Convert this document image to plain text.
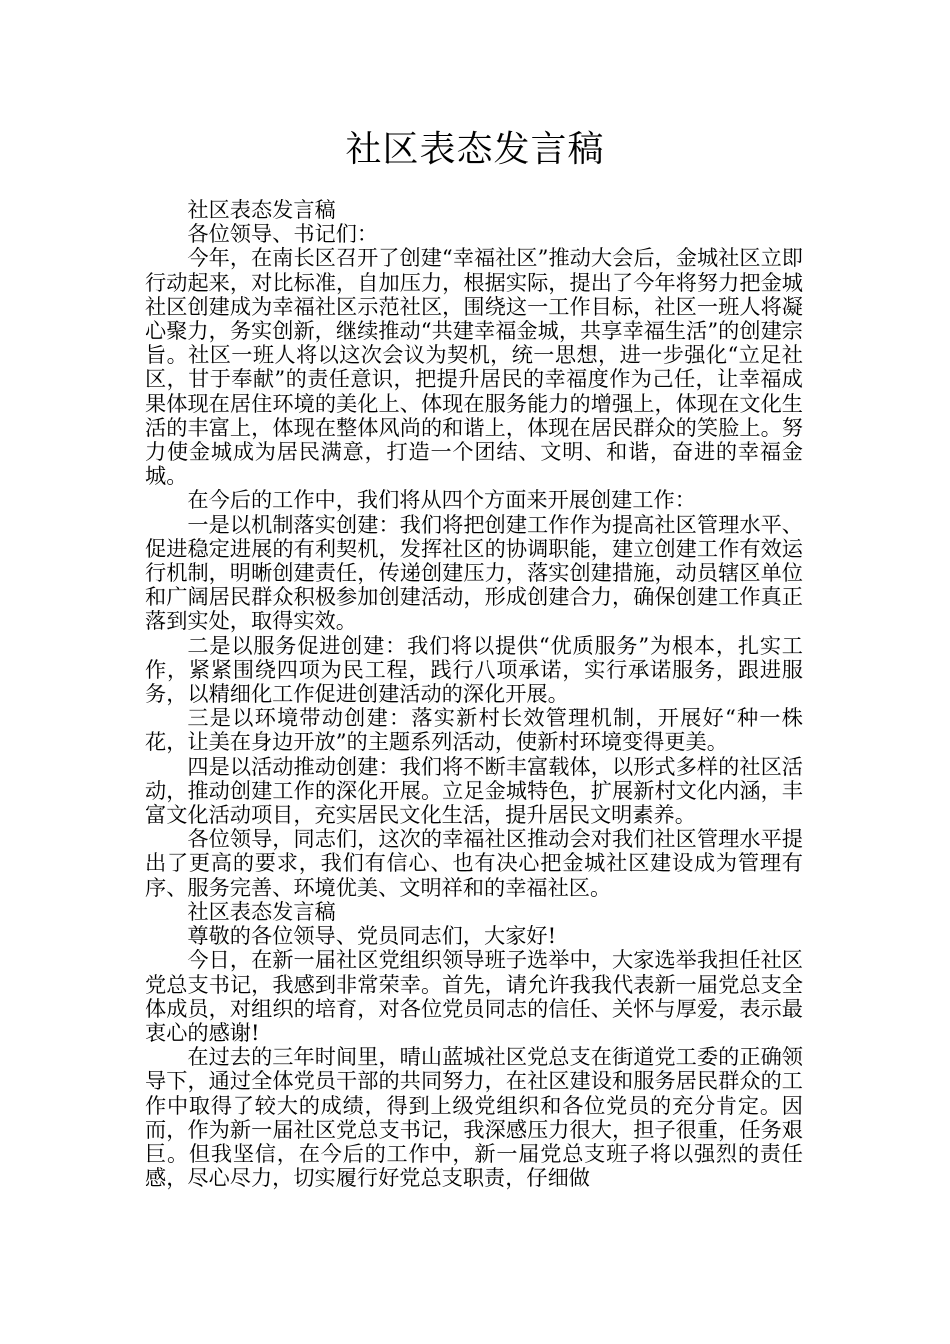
社区表态发言稿

社区表态发言稿

各位领导、书记们：

今年，在南长区召开了创建“幸福社区”推动大会后，金城社区立即行动起来，对比标准，自加压力，根据实际，提出了今年将努力把金城社区创建成为幸福社区示范社区，围绕这一工作目标，社区一班人将凝心聚力，务实创新，继续推动“共建幸福金城，共享幸福生活”的创建宗旨。社区一班人将以这次会议为契机，统一思想，进一步强化“立足社区，甘于奉献”的责任意识，把提升居民的幸福度作为己任，让幸福成果体现在居住环境的美化上、体现在服务能力的增强上，体现在文化生活的丰富上，体现在整体风尚的和谐上，体现在居民群众的笑脸上。努力使金城成为居民满意，打造一个团结、文明、和谐，奋进的幸福金城。

在今后的工作中，我们将从四个方面来开展创建工作：

一是以机制落实创建：我们将把创建工作作为提高社区管理水平、促进稳定进展的有利契机，发挥社区的协调职能，建立创建工作有效运行机制，明晰创建责任，传递创建压力，落实创建措施，动员辖区单位和广阔居民群众积极参加创建活动，形成创建合力，确保创建工作真正落到实处，取得实效。

二是以服务促进创建：我们将以提供“优质服务”为根本，扎实工作，紧紧围绕四项为民工程，践行八项承诺，实行承诺服务，跟进服务，以精细化工作促进创建活动的深化开展。

三是以环境带动创建：落实新村长效管理机制，开展好“种一株花，让美在身边开放”的主题系列活动，使新村环境变得更美。

四是以活动推动创建：我们将不断丰富载体，以形式多样的社区活动，推动创建工作的深化开展。立足金城特色，扩展新村文化内涵，丰富文化活动项目，充实居民文化生活，提升居民文明素养。

各位领导，同志们，这次的幸福社区推动会对我们社区管理水平提出了更高的要求，我们有信心、也有决心把金城社区建设成为管理有序、服务完善、环境优美、文明祥和的幸福社区。

社区表态发言稿

尊敬的各位领导、党员同志们，大家好!

今日，在新一届社区党组织领导班子选举中，大家选举我担任社区党总支书记，我感到非常荣幸。首先，请允许我我代表新一届党总支全体成员，对组织的培育，对各位党员同志的信任、关怀与厚爱，表示最衷心的感谢!

在过去的三年时间里，晴山蓝城社区党总支在街道党工委的正确领导下，通过全体党员干部的共同努力，在社区建设和服务居民群众的工作中取得了较大的成绩，得到上级党组织和各位党员的充分肯定。因而，作为新一届社区党总支书记，我深感压力很大，担子很重，任务艰巨。但我坚信，在今后的工作中，新一届党总支班子将以强烈的责任感，尽心尽力，切实履行好党总支职责，仔细做
